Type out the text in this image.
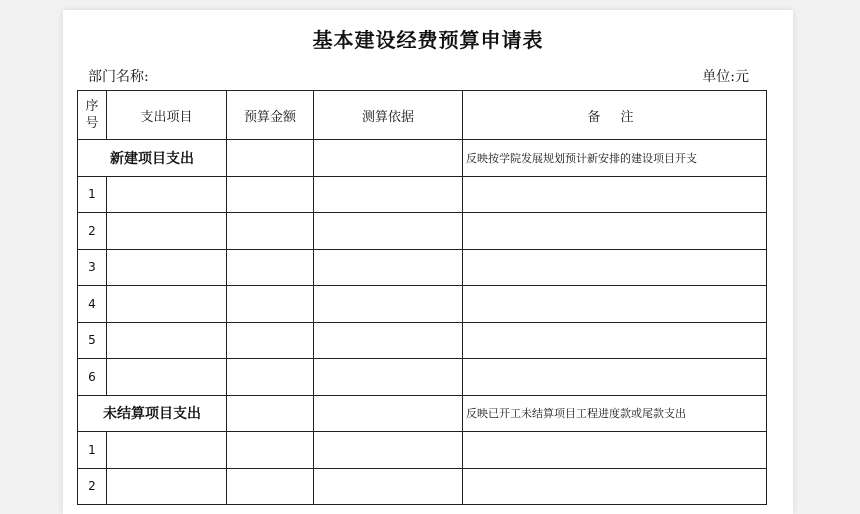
基本建设经费预算申请表
部门名称:	单位:元
序号	支出项目	预算金额	测算依据	备 注
新建项目支出				反映按学院发展规划预计新安排的建设项目开支
1				
2				
3				
4				
5				
6				
未结算项目支出				反映已开工未结算项目工程进度款或尾款支出
1				
2				
